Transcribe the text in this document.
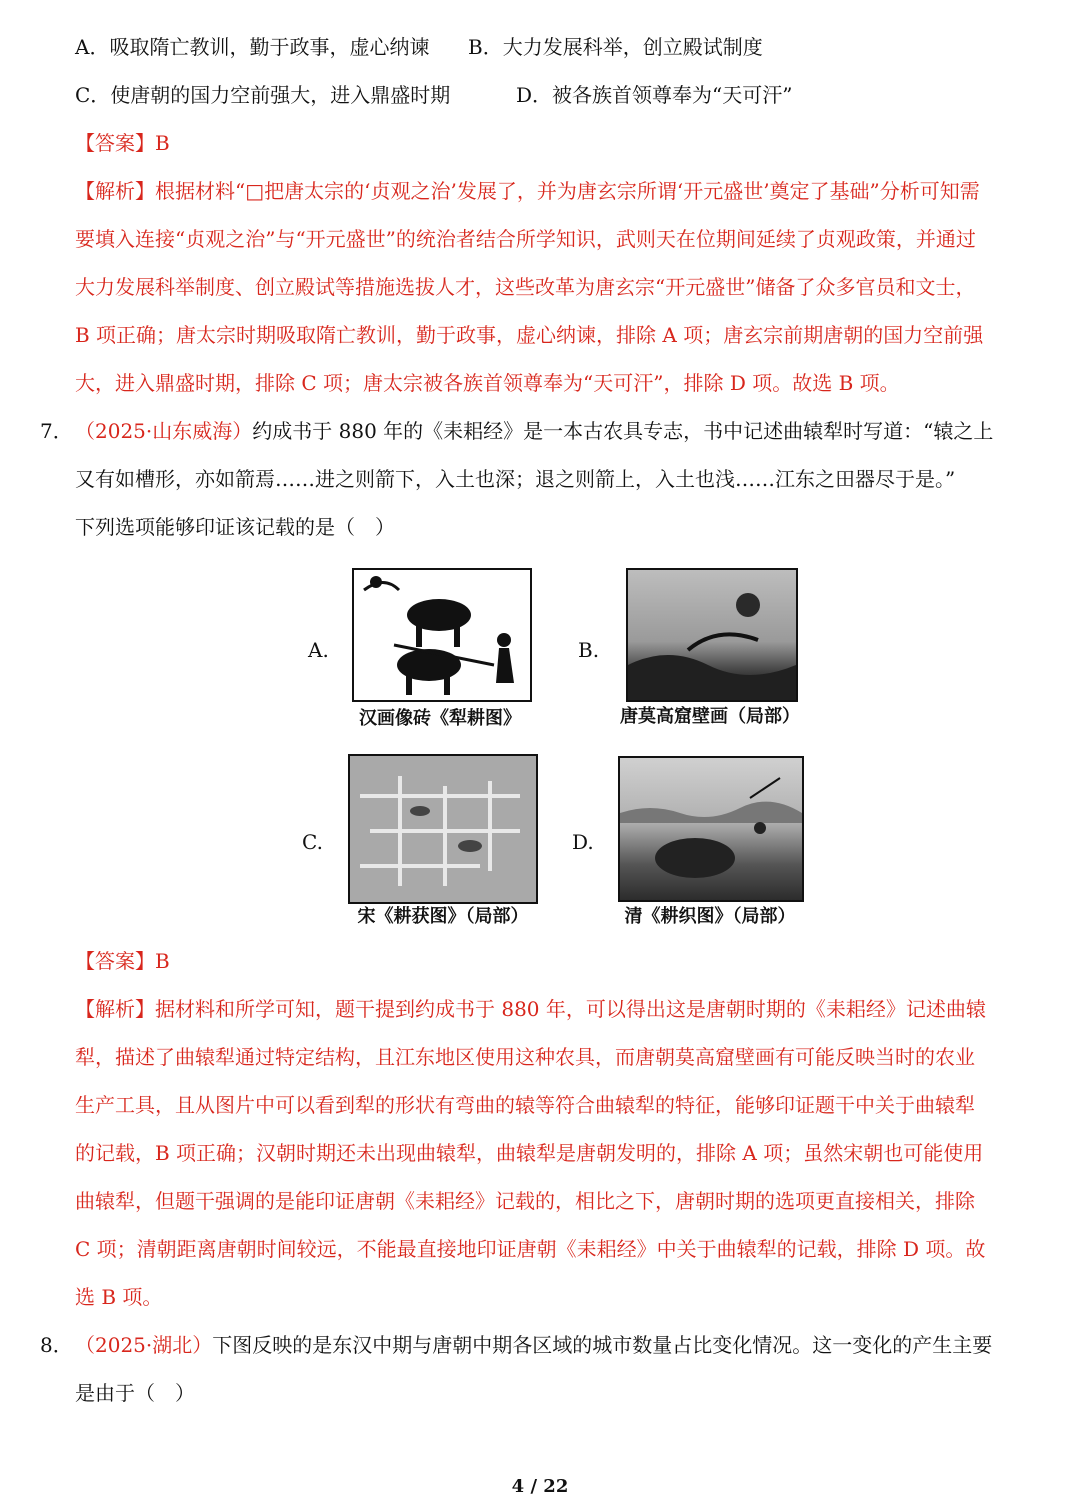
A．吸取隋亡教训，勤于政事，虚心纳谏 B．大力发展科举，创立殿试制度
C．使唐朝的国力空前强大，进入鼎盛时期	D．被各族首领尊奉为“天可汗”
【答案】B
【解析】根据材料“□把唐太宗的‘贞观之治’发展了，并为唐玄宗所谓‘开元盛世’奠定了基础”分析可知需
要填入连接“贞观之治”与“开元盛世”的统治者结合所学知识，武则天在位期间延续了贞观政策，并通过
大力发展科举制度、创立殿试等措施选拔人才，这些改革为唐玄宗“开元盛世”储备了众多官员和文士，
B 项正确；唐太宗时期吸取隋亡教训，勤于政事，虚心纳谏，排除 A 项；唐玄宗前期唐朝的国力空前强
大，进入鼎盛时期，排除 C 项；唐太宗被各族首领尊奉为“天可汗”，排除 D 项。故选 B 项。
7． （2025·山东威海）约成书于 880 年的《耒耜经》是一本古农具专志，书中记述曲辕犁时写道：“辕之上
又有如槽形，亦如箭焉……进之则箭下，入土也深；退之则箭上，入土也浅……江东之田器尽于是。”
下列选项能够印证该记载的是（　）
A.
汉画像砖《犁耕图》
B.
唐莫高窟壁画（局部）
C.
宋《耕获图》（局部）
D.
清《耕织图》（局部）
【答案】B
【解析】据材料和所学可知，题干提到约成书于 880 年，可以得出这是唐朝时期的《耒耜经》记述曲辕
犁，描述了曲辕犁通过特定结构，且江东地区使用这种农具，而唐朝莫高窟壁画有可能反映当时的农业
生产工具，且从图片中可以看到犁的形状有弯曲的辕等符合曲辕犁的特征，能够印证题干中关于曲辕犁
的记载，B 项正确；汉朝时期还未出现曲辕犁，曲辕犁是唐朝发明的，排除 A 项；虽然宋朝也可能使用
曲辕犁，但题干强调的是能印证唐朝《耒耜经》记载的，相比之下，唐朝时期的选项更直接相关，排除
C 项；清朝距离唐朝时间较远，不能最直接地印证唐朝《耒耜经》中关于曲辕犁的记载，排除 D 项。故
选 B 项。
8． （2025·湖北）下图反映的是东汉中期与唐朝中期各区域的城市数量占比变化情况。这一变化的产生主要
是由于（　）
4 / 22
